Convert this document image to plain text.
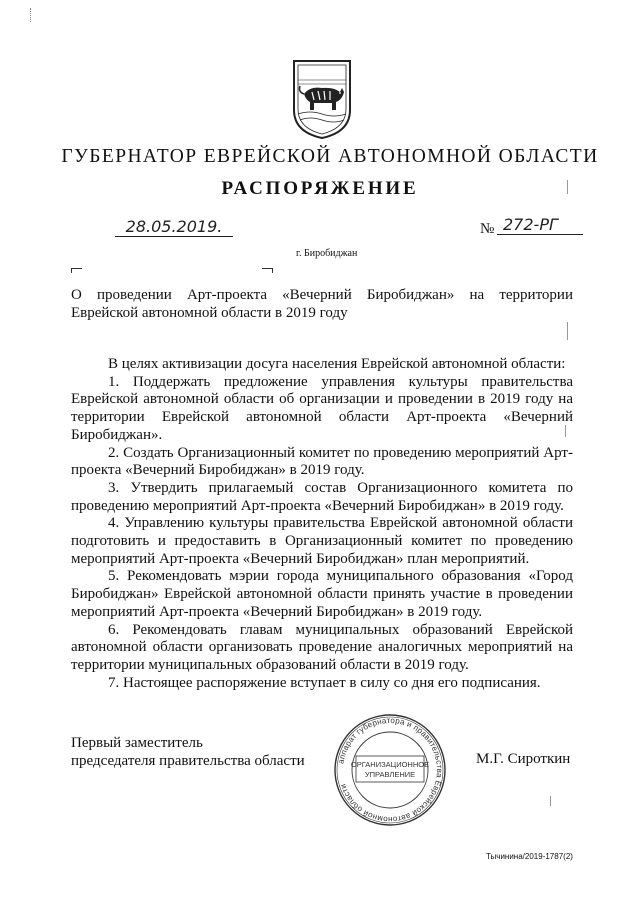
ГУБЕРНАТОР ЕВРЕЙСКОЙ АВТОНОМНОЙ ОБЛАСТИ
РАСПОРЯЖЕНИЕ
28.05.2019.	№ 272-РГ
г. Биробиджан
О проведении Арт-проекта «Вечерний Биробиджан» на территории Еврейской автономной области в 2019 году

В целях активизации досуга населения Еврейской автономной области:

1. Поддержать предложение управления культуры правительства Еврейской автономной области об организации и проведении в 2019 году на территории Еврейской автономной области Арт-проекта «Вечерний Биробиджан».

2. Создать Организационный комитет по проведению мероприятий Арт-проекта «Вечерний Биробиджан» в 2019 году.

3. Утвердить прилагаемый состав Организационного комитета по проведению мероприятий Арт-проекта «Вечерний Биробиджан» в 2019 году.

4. Управлению культуры правительства Еврейской автономной области подготовить и предоставить в Организационный комитет по проведению мероприятий Арт-проекта «Вечерний Биробиджан» план мероприятий.

5. Рекомендовать мэрии города муниципального образования «Город Биробиджан» Еврейской автономной области принять участие в проведении мероприятий Арт-проекта «Вечерний Биробиджан» в 2019 году.

6. Рекомендовать главам муниципальных образований Еврейской автономной области организовать проведение аналогичных мероприятий на территории муниципальных образований области в 2019 году.

7. Настоящее распоряжение вступает в силу со дня его подписания.

Первый заместитель
председателя правительства области	М.Г. Сироткин
аппарат губернатора и правительства Еврейской автономной области
ОРГАНИЗАЦИОННОЕ
УПРАВЛЕНИЕ
Тычинина/2019-1787(2)
